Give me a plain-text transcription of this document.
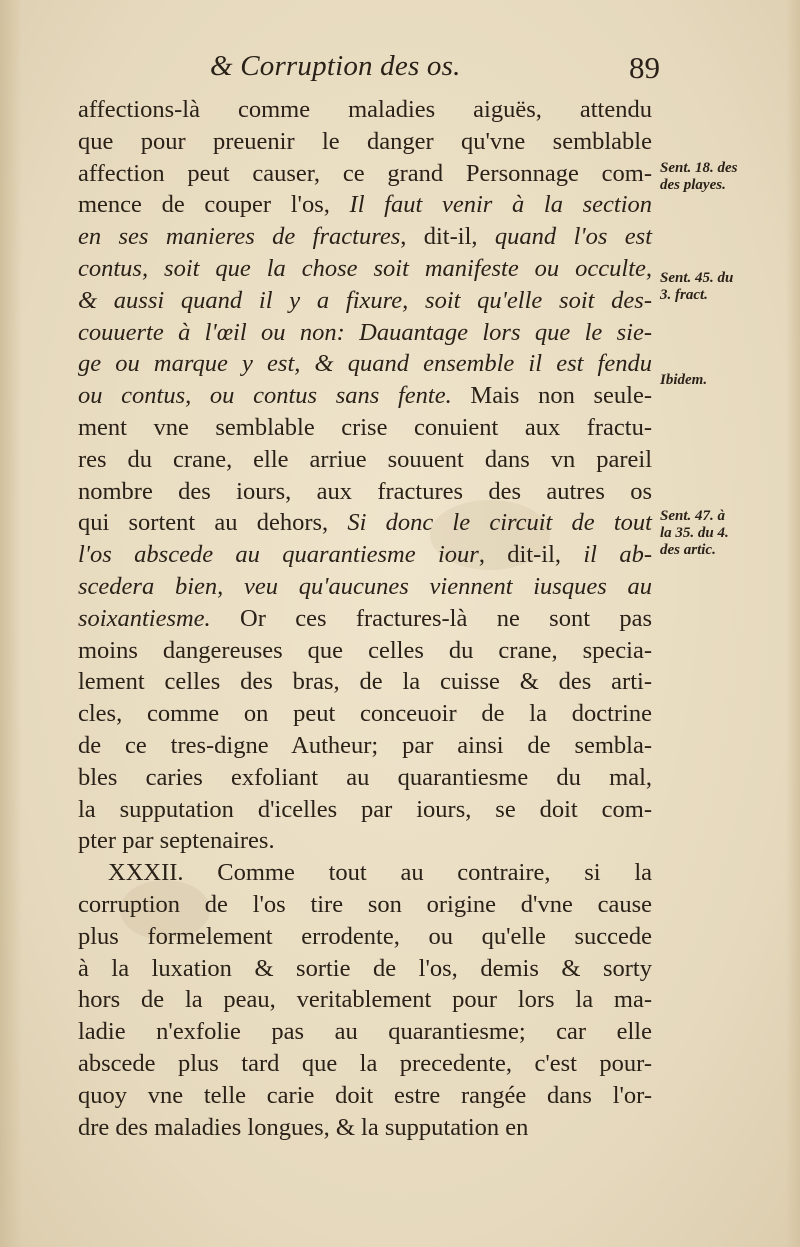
& Corruption des os.	89
affections-là comme maladies aiguës, attendu
que pour preuenir le danger qu'vne semblable
affection peut causer, ce grand Personnage com-
mence de couper l'os, Il faut venir à la section
en ses manieres de fractures, dit-il, quand l'os est
contus, soit que la chose soit manifeste ou occulte,
& aussi quand il y a fixure, soit qu'elle soit des-
couuerte à l'œil ou non: Dauantage lors que le sie-
ge ou marque y est, & quand ensemble il est fendu
ou contus, ou contus sans fente. Mais non seule-
ment vne semblable crise conuient aux fractu-
res du crane, elle arriue souuent dans vn pareil
nombre des iours, aux fractures des autres os
qui sortent au dehors, Si donc le circuit de tout
l'os abscede au quarantiesme iour, dit-il, il ab-
scedera bien, veu qu'aucunes viennent iusques au
soixantiesme. Or ces fractures-là ne sont pas
moins dangereuses que celles du crane, specia-
lement celles des bras, de la cuisse & des arti-
cles, comme on peut conceuoir de la doctrine
de ce tres-digne Autheur; par ainsi de sembla-
bles caries exfoliant au quarantiesme du mal,
la supputation d'icelles par iours, se doit com-
pter par septenaires.
XXXII. Comme tout au contraire, si la
corruption de l'os tire son origine d'vne cause
plus formelement errodente, ou qu'elle succede
à la luxation & sortie de l'os, demis & sorty
hors de la peau, veritablement pour lors la ma-
ladie n'exfolie pas au quarantiesme; car elle
abscede plus tard que la precedente, c'est pour-
quoy vne telle carie doit estre rangée dans l'or-
dre des maladies longues, & la supputation en
Sent. 18. des
des playes.
Sent. 45. du
3. fract.
Ibidem.
Sent. 47. à
la 35. du 4.
des artic.
